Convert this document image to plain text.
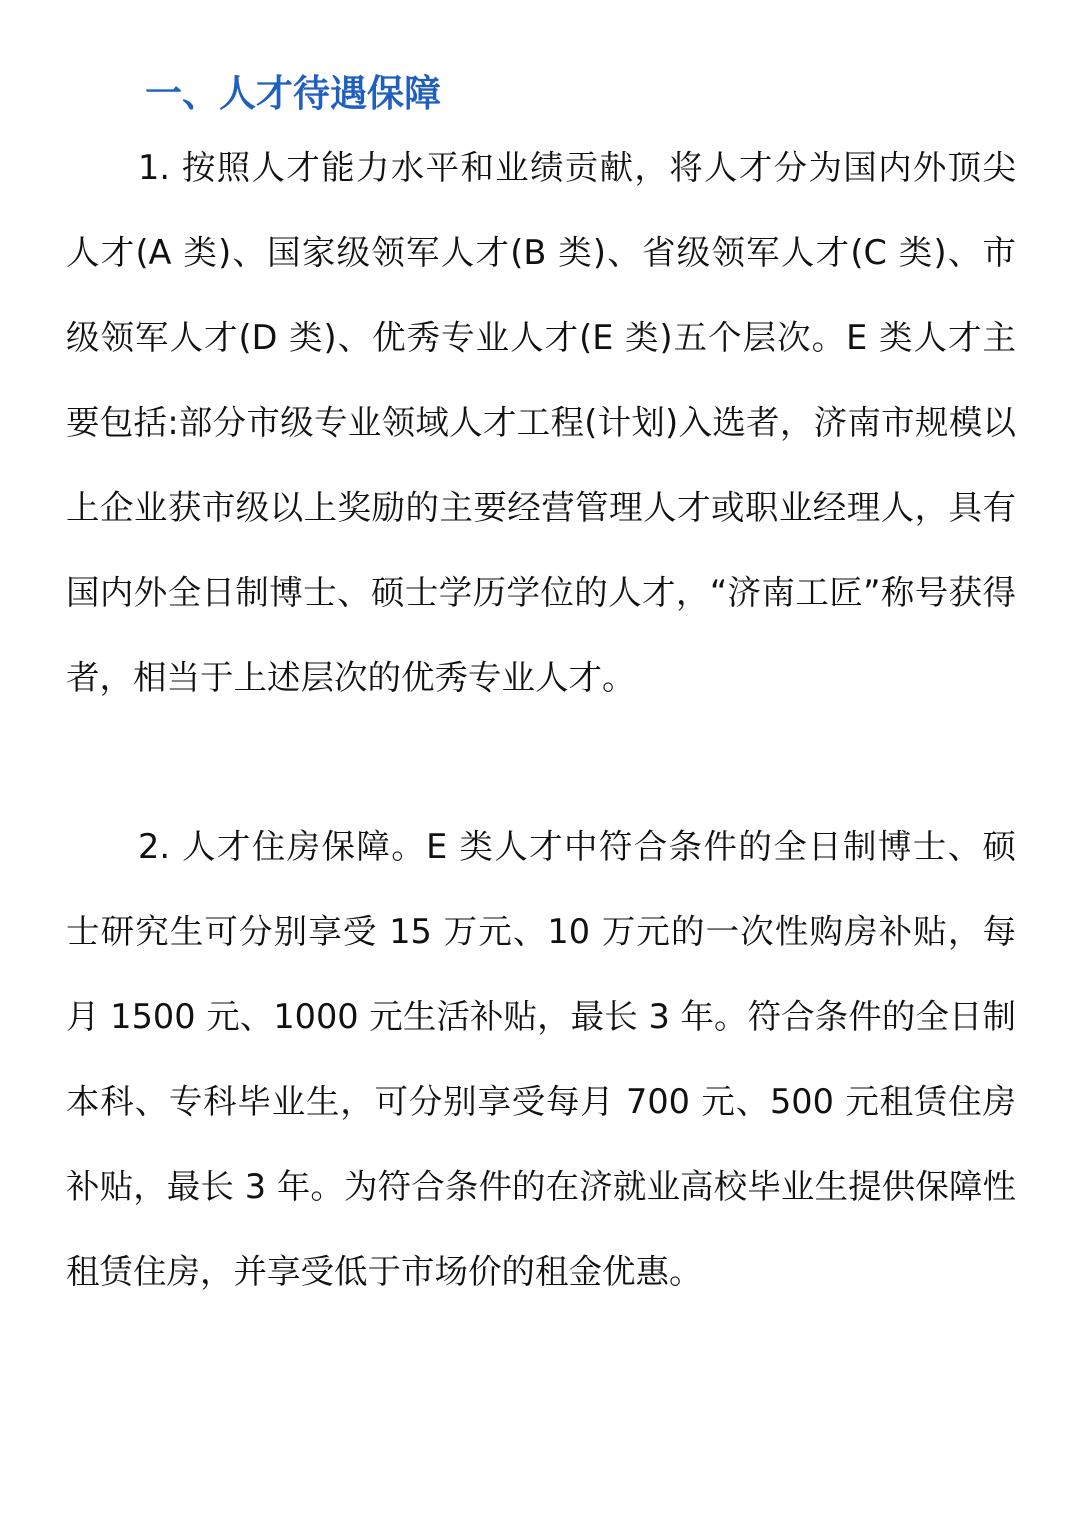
一、人才待遇保障

1. 按照人才能力水平和业绩贡献，将人才分为国内外顶尖人才(A 类)、国家级领军人才(B 类)、省级领军人才(C 类)、市级领军人才(D 类)、优秀专业人才(E 类)五个层次。E 类人才主要包括:部分市级专业领域人才工程(计划)入选者，济南市规模以上企业获市级以上奖励的主要经营管理人才或职业经理人，具有国内外全日制博士、硕士学历学位的人才，“济南工匠”称号获得者，相当于上述层次的优秀专业人才。

2. 人才住房保障。E 类人才中符合条件的全日制博士、硕士研究生可分别享受 15 万元、10 万元的一次性购房补贴，每月 1500 元、1000 元生活补贴，最长 3 年。符合条件的全日制本科、专科毕业生，可分别享受每月 700 元、500 元租赁住房补贴，最长 3 年。为符合条件的在济就业高校毕业生提供保障性租赁住房，并享受低于市场价的租金优惠。
